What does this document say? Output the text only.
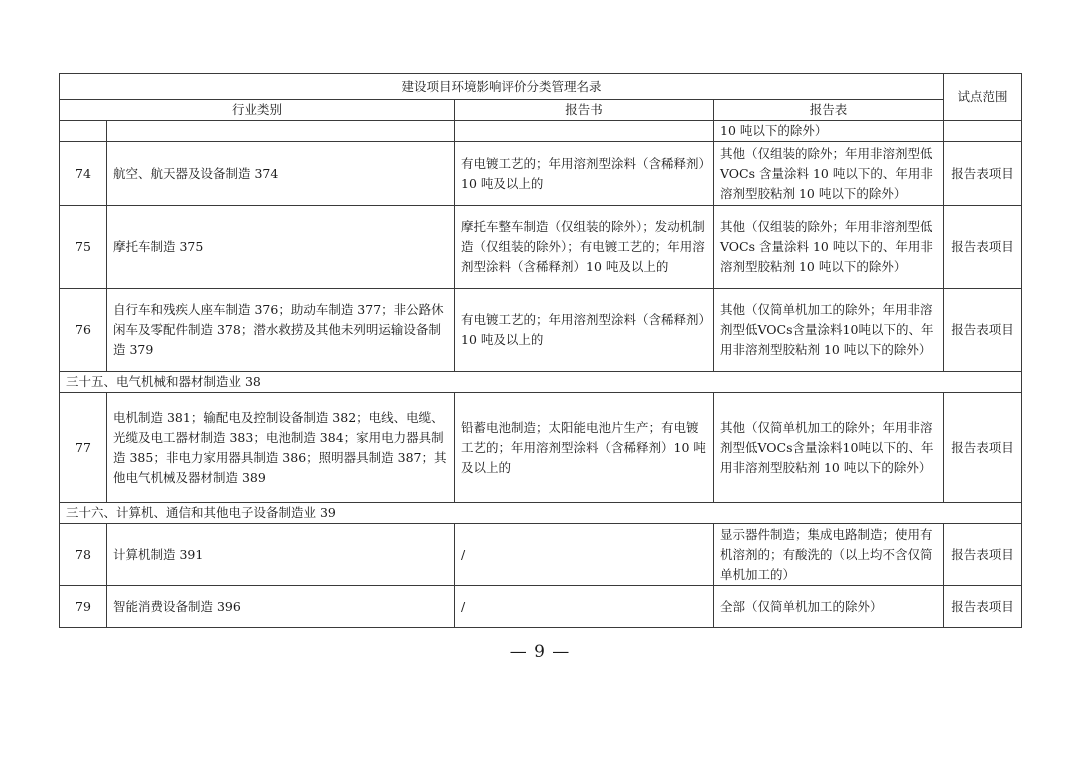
建设项目环境影响评价分类管理名录				试点范围
行业类别		报告书	报告表	
			10 吨以下的除外）	
74	航空、航天器及设备制造 374	有电镀工艺的；年用溶剂型涂料（含稀释剂）10 吨及以上的	其他（仅组装的除外；年用非溶剂型低 VOCs 含量涂料 10 吨以下的、年用非溶剂型胶粘剂 10 吨以下的除外）	报告表项目
75	摩托车制造 375	摩托车整车制造（仅组装的除外）；发动机制造（仅组装的除外）；有电镀工艺的；年用溶剂型涂料（含稀释剂）10 吨及以上的	其他（仅组装的除外；年用非溶剂型低 VOCs 含量涂料 10 吨以下的、年用非溶剂型胶粘剂 10 吨以下的除外）	报告表项目
76	自行车和残疾人座车制造 376；助动车制造 377；非公路休闲车及零配件制造 378；潜水救捞及其他未列明运输设备制造 379	有电镀工艺的；年用溶剂型涂料（含稀释剂）10 吨及以上的	其他（仅简单机加工的除外；年用非溶剂型低VOCs含量涂料10吨以下的、年用非溶剂型胶粘剂 10 吨以下的除外）	报告表项目
三十五、电气机械和器材制造业 38				
77	电机制造 381；输配电及控制设备制造 382；电线、电缆、光缆及电工器材制造 383；电池制造 384；家用电力器具制造 385；非电力家用器具制造 386；照明器具制造 387；其他电气机械及器材制造 389	铅蓄电池制造；太阳能电池片生产；有电镀工艺的；年用溶剂型涂料（含稀释剂）10 吨及以上的	其他（仅简单机加工的除外；年用非溶剂型低VOCs含量涂料10吨以下的、年用非溶剂型胶粘剂 10 吨以下的除外）	报告表项目
三十六、计算机、通信和其他电子设备制造业 39				
78	计算机制造 391	/	显示器件制造；集成电路制造；使用有机溶剂的；有酸洗的（以上均不含仅简单机加工的）	报告表项目
79	智能消费设备制造 396	/	全部（仅简单机加工的除外）	报告表项目
— 9 —
